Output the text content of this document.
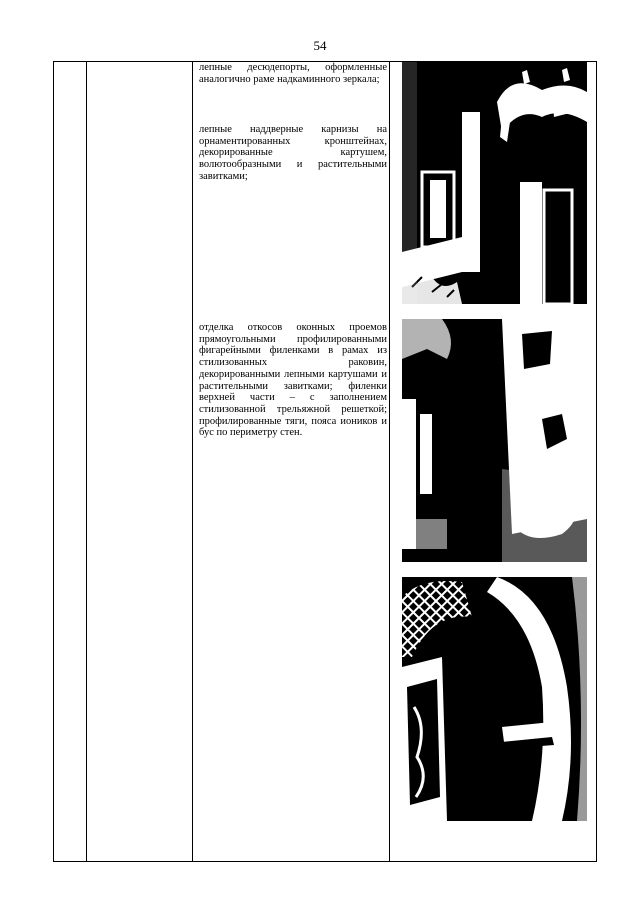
54
лепные десюдепорты, оформленные аналогично раме надкаминного зеркала;
лепные наддверные карнизы на орнаментированных кронштейнах, декорированные картушем, волютообразными и растительными завитками;
отделка откосов оконных проемов прямоугольными профилированными фигарейными филенками в рамах из стилизованных раковин, декорированными лепными картушами и растительными завитками; филенки верхней части – с заполнением стилизованной трельяжной решеткой; профилированные тяги, пояса иоников и бус по периметру стен.
